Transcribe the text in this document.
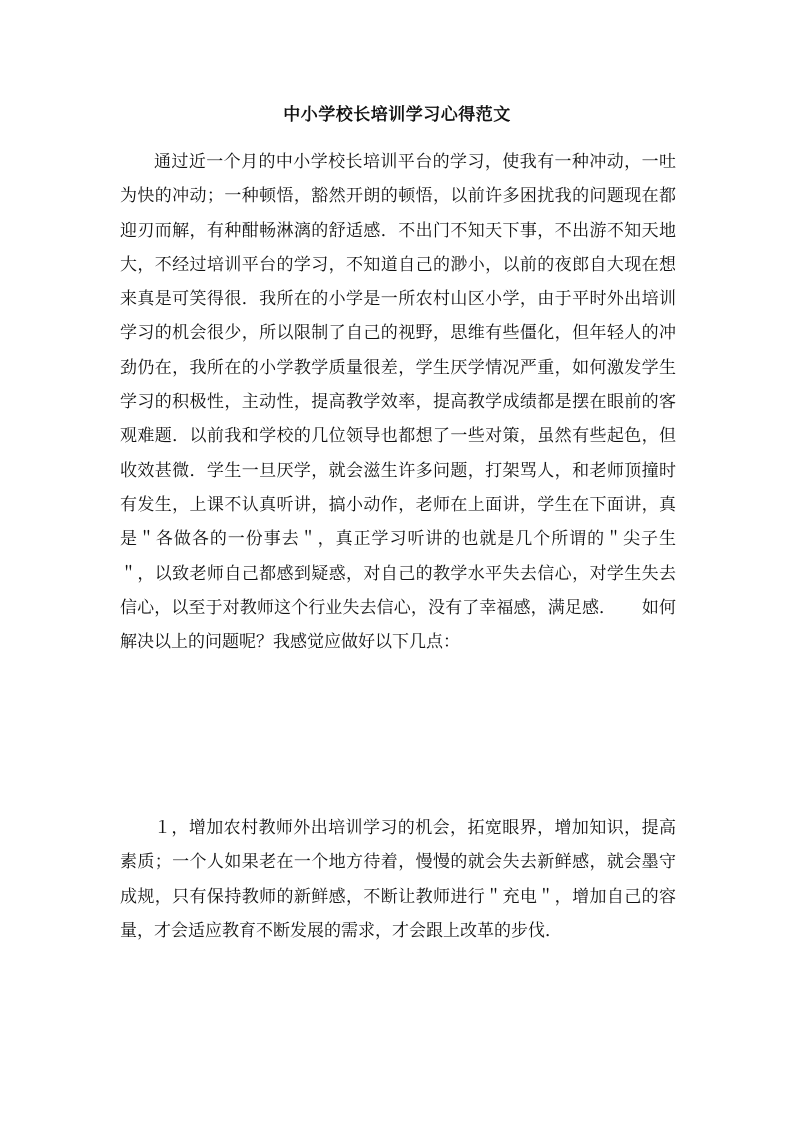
中小学校长培训学习心得范文

通过近一个月的中小学校长培训平台的学习，使我有一种冲动，一吐为快的冲动；一种顿悟，豁然开朗的顿悟，以前许多困扰我的问题现在都迎刃而解，有种酣畅淋漓的舒适感．不出门不知天下事，不出游不知天地大，不经过培训平台的学习，不知道自己的渺小，以前的夜郎自大现在想来真是可笑得很．我所在的小学是一所农村山区小学，由于平时外出培训学习的机会很少，所以限制了自己的视野，思维有些僵化，但年轻人的冲劲仍在，我所在的小学教学质量很差，学生厌学情况严重，如何激发学生学习的积极性，主动性，提高教学效率，提高教学成绩都是摆在眼前的客观难题．以前我和学校的几位领导也都想了一些对策，虽然有些起色，但收效甚微．学生一旦厌学，就会滋生许多问题，打架骂人，和老师顶撞时有发生，上课不认真听讲，搞小动作，老师在上面讲，学生在下面讲，真是＂各做各的一份事去＂，真正学习听讲的也就是几个所谓的＂尖子生＂，以致老师自己都感到疑惑，对自己的教学水平失去信心，对学生失去信心，以至于对教师这个行业失去信心，没有了幸福感，满足感．　　如何解决以上的问题呢？我感觉应做好以下几点：

１，增加农村教师外出培训学习的机会，拓宽眼界，增加知识，提高素质；一个人如果老在一个地方待着，慢慢的就会失去新鲜感，就会墨守成规，只有保持教师的新鲜感，不断让教师进行＂充电＂，增加自己的容量，才会适应教育不断发展的需求，才会跟上改革的步伐．
